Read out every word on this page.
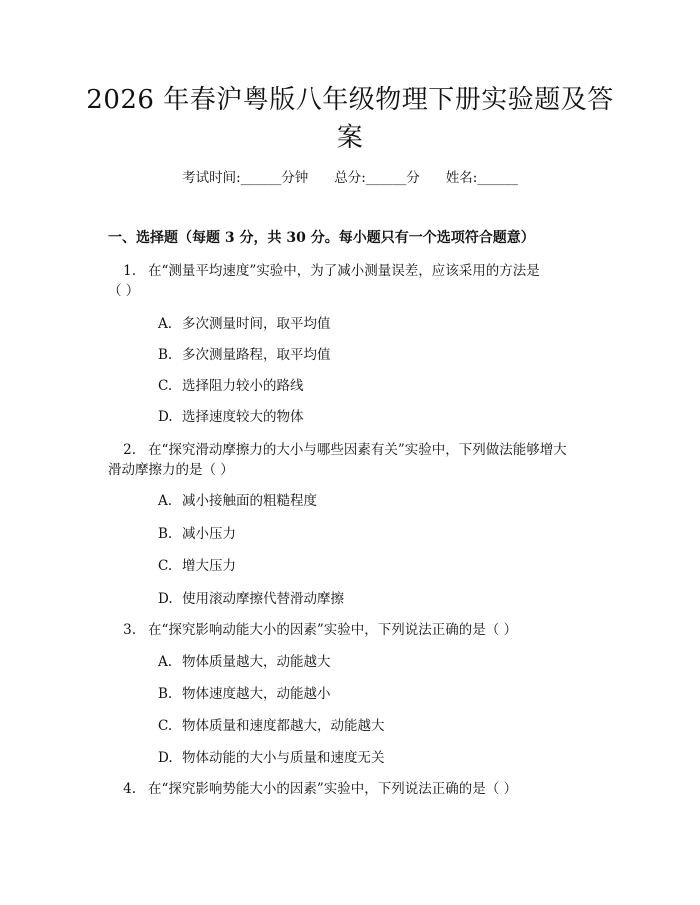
2026 年春沪粤版八年级物理下册实验题及答
案
考试时间:______分钟 总分:______分 姓名:______
一、选择题（每题 3 分，共 30 分。每小题只有一个选项符合题意）
1. 在“测量平均速度”实验中，为了减小测量误差，应该采用的方法是
（ ）
A. 多次测量时间，取平均值
B. 多次测量路程，取平均值
C. 选择阻力较小的路线
D. 选择速度较大的物体
2. 在“探究滑动摩擦力的大小与哪些因素有关”实验中，下列做法能够增大
滑动摩擦力的是（ ）
A. 减小接触面的粗糙程度
B. 减小压力
C. 增大压力
D. 使用滚动摩擦代替滑动摩擦
3. 在“探究影响动能大小的因素”实验中，下列说法正确的是（ ）
A. 物体质量越大，动能越大
B. 物体速度越大，动能越小
C. 物体质量和速度都越大，动能越大
D. 物体动能的大小与质量和速度无关
4. 在“探究影响势能大小的因素”实验中，下列说法正确的是（ ）
